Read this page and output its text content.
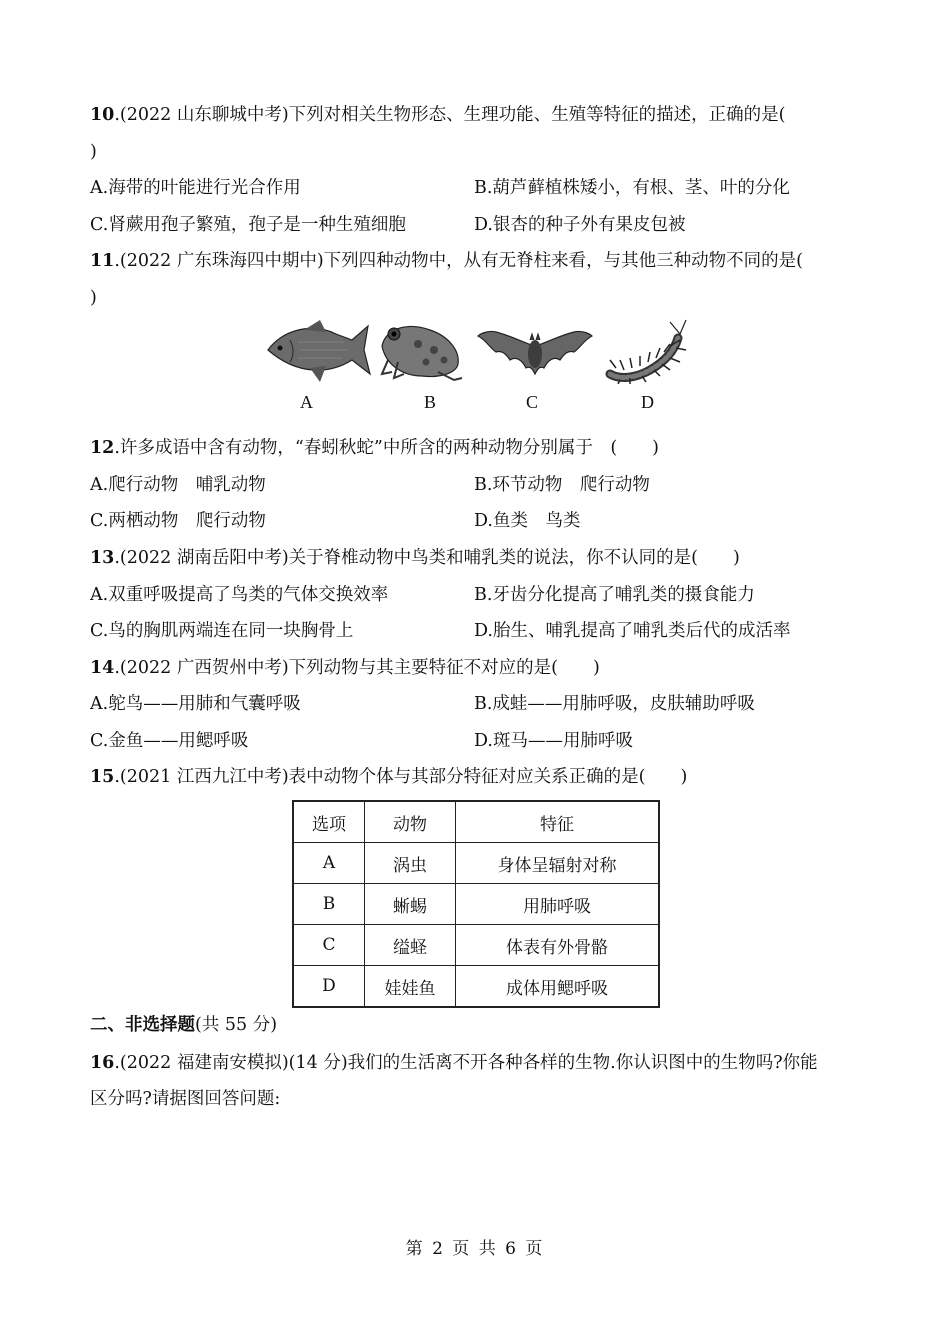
10.(2022 山东聊城中考)下列对相关生物形态、生理功能、生殖等特征的描述，正确的是(
)
A.海带的叶能进行光合作用	B.葫芦藓植株矮小，有根、茎、叶的分化
C.肾蕨用孢子繁殖，孢子是一种生殖细胞	D.银杏的种子外有果皮包被
11.(2022 广东珠海四中期中)下列四种动物中，从有无脊柱来看，与其他三种动物不同的是(
)
A	B	C	D
12.许多成语中含有动物，“春蚓秋蛇”中所含的两种动物分别属于　(　　)
A.爬行动物　哺乳动物	B.环节动物　爬行动物
C.两栖动物　爬行动物	D.鱼类　鸟类
13.(2022 湖南岳阳中考)关于脊椎动物中鸟类和哺乳类的说法，你不认同的是(　　)
A.双重呼吸提高了鸟类的气体交换效率	B.牙齿分化提高了哺乳类的摄食能力
C.鸟的胸肌两端连在同一块胸骨上	D.胎生、哺乳提高了哺乳类后代的成活率
14.(2022 广西贺州中考)下列动物与其主要特征不对应的是(　　)
A.鸵鸟——用肺和气囊呼吸	B.成蛙——用肺呼吸，皮肤辅助呼吸
C.金鱼——用鳃呼吸	D.斑马——用肺呼吸
15.(2021 江西九江中考)表中动物个体与其部分特征对应关系正确的是(　　)
选项	动物	特征
A	涡虫	身体呈辐射对称
B	蜥蜴	用肺呼吸
C	缢蛏	体表有外骨骼
D	娃娃鱼	成体用鳃呼吸
二、非选择题(共 55 分)
16.(2022 福建南安模拟)(14 分)我们的生活离不开各种各样的生物.你认识图中的生物吗?你能
区分吗?请据图回答问题:
第 2 页 共 6 页
